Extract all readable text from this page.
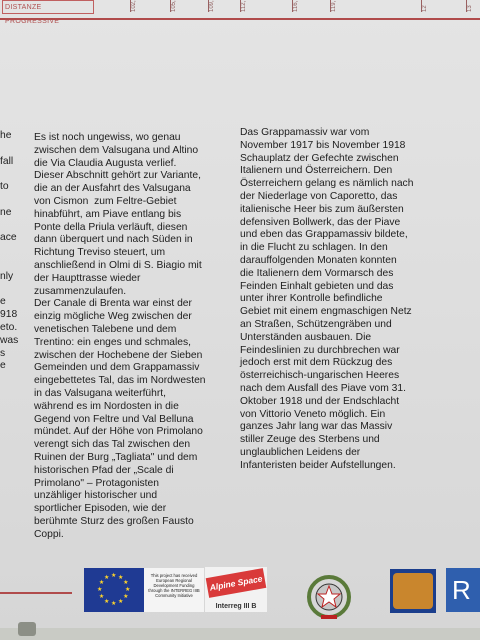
DISTANZE PROGRESSIVE
102,	105,	109,	112,	116,	119,	12	13
he

fall

to

ne

ace

nly

e
918
eto.
was
s
e
Es ist noch ungewiss, wo genau
zwischen dem Valsugana und Altino
die Via Claudia Augusta verlief.
Dieser Abschnitt gehört zur Variante,
die an der Ausfahrt des Valsugana
von Cismon  zum Feltre-Gebiet
hinabführt, am Piave entlang bis
Ponte della Priula verläuft, diesen
dann überquert und nach Süden in
Richtung Treviso steuert, um
anschließend in Olmi di S. Biagio mit
der Haupttrasse wieder
zusammenzulaufen.
Der Canale di Brenta war einst der
einzig mögliche Weg zwischen der
venetischen Talebene und dem
Trentino: ein enges und schmales,
zwischen der Hochebene der Sieben
Gemeinden und dem Grappamassiv
eingebettetes Tal, das im Nordwesten
in das Valsugana weiterführt,
während es im Nordosten in die
Gegend von Feltre und Val Belluna
mündet. Auf der Höhe von Primolano
verengt sich das Tal zwischen den
Ruinen der Burg „Tagliata" und dem
historischen Pfad der „Scale di
Primolano" – Protagonisten
unzähliger historischer und
sportlicher Episoden, wie der
berühmte Sturz des großen Fausto
Coppi.
Das Grappamassiv war vom
November 1917 bis November 1918
Schauplatz der Gefechte zwischen
Italienern und Österreichern. Den
Österreichern gelang es nämlich nach
der Niederlage von Caporetto, das
italienische Heer bis zum äußersten
defensiven Bollwerk, das der Piave
und eben das Grappamassiv bildete,
in die Flucht zu schlagen. In den
darauffolgenden Monaten konnten
die Italienern dem Vormarsch des
Feinden Einhalt gebieten und das
unter ihrer Kontrolle befindliche
Gebiet mit einem engmaschigen Netz
an Straßen, Schützengräben und
Unterständen ausbauen. Die
Feindeslinien zu durchbrechen war
jedoch erst mit dem Rückzug des
österreichisch-ungarischen Heeres
nach dem Ausfall des Piave vom 31.
Oktober 1918 und der Endschlacht
von Vittorio Veneto möglich. Ein
ganzes Jahr lang war das Massiv
stiller Zeuge des Sterbens und
unglaublichen Leidens der
Infanteristen beider Aufstellungen.
★
★
★
★
★
★
★
★
★ ★ ★
★
This project has received
European Regional
Development Funding
through the INTERREG IIIB
Community Initiative
Alpine Space
Interreg III B
R
